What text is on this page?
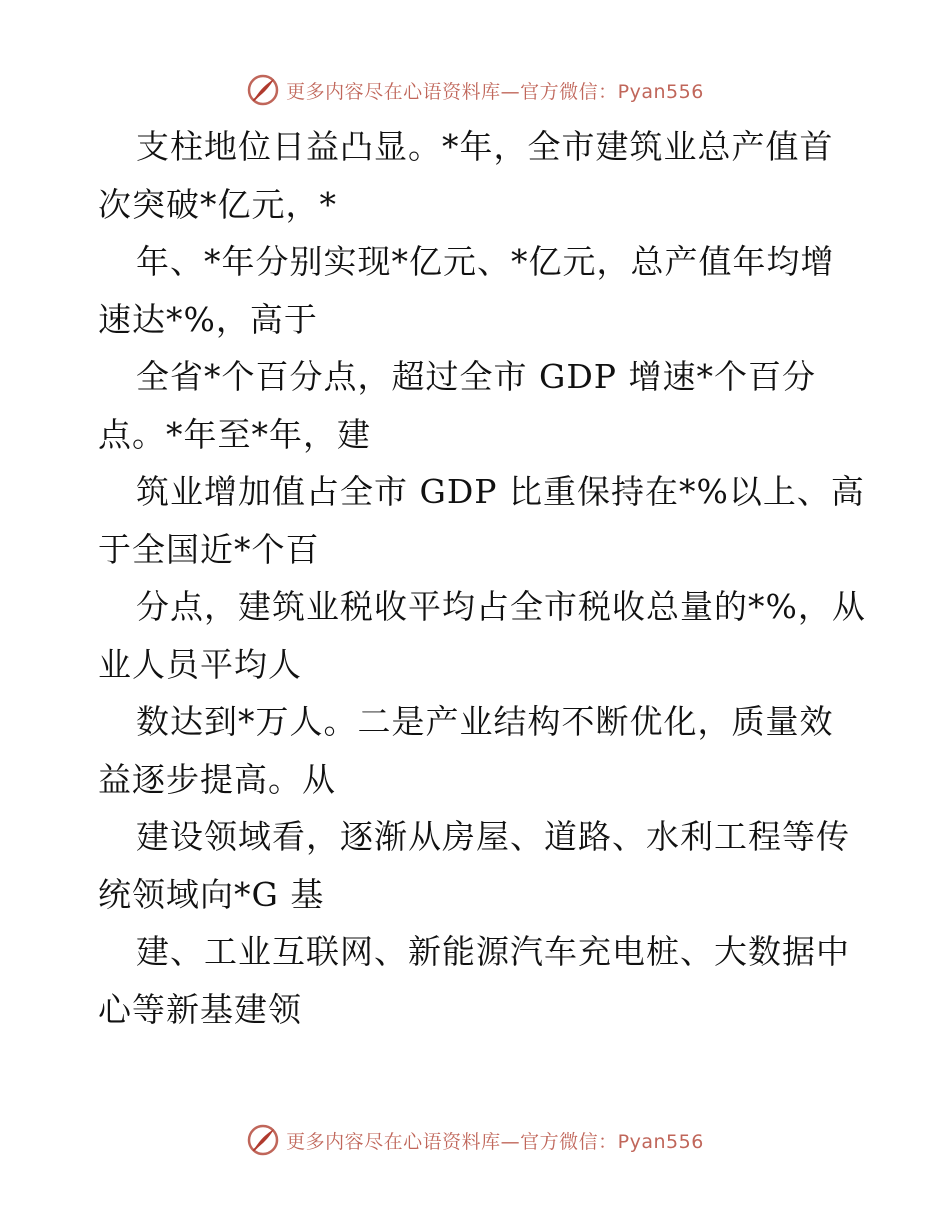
更多内容尽在心语资料库—官方微信：Pyan556

支柱地位日益凸显。*年，全市建筑业总产值首
次突破*亿元，*

年、*年分别实现*亿元、*亿元，总产值年均增
速达*%，高于

全省*个百分点，超过全市 GDP 增速*个百分
点。*年至*年，建

筑业增加值占全市 GDP 比重保持在*%以上、高
于全国近*个百

分点，建筑业税收平均占全市税收总量的*%，从
业人员平均人

数达到*万人。二是产业结构不断优化，质量效
益逐步提高。从

建设领域看，逐渐从房屋、道路、水利工程等传
统领域向*G 基

建、工业互联网、新能源汽车充电桩、大数据中
心等新基建领

更多内容尽在心语资料库—官方微信：Pyan556
